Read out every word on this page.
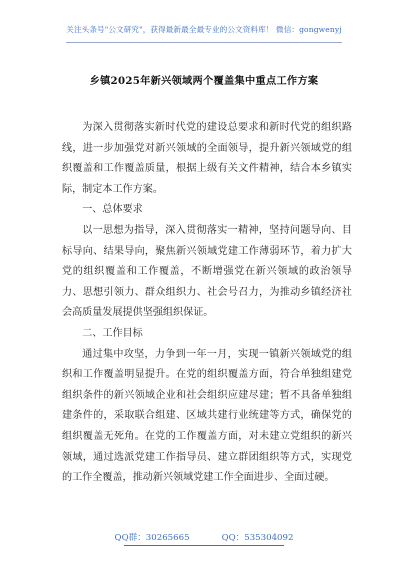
关注头条号"公文研究"，获得最新最全最专业的公文资料库！ 微信：gongwenyj
乡镇2025年新兴领域两个覆盖集中重点工作方案

为深入贯彻落实新时代党的建设总要求和新时代党的组织路线，进一步加强党对新兴领域的全面领导，提升新兴领域党的组织覆盖和工作覆盖质量，根据上级有关文件精神，结合本乡镇实际，制定本工作方案。

一、总体要求

以一思想为指导，深入贯彻落实一精神，坚持问题导向、目标导向、结果导向，聚焦新兴领域党建工作薄弱环节，着力扩大党的组织覆盖和工作覆盖，不断增强党在新兴领域的政治领导力、思想引领力、群众组织力、社会号召力，为推动乡镇经济社会高质量发展提供坚强组织保证。

二、工作目标

通过集中攻坚，力争到一年一月，实现一镇新兴领域党的组织和工作覆盖明显提升。在党的组织覆盖方面，符合单独组建党组织条件的新兴领域企业和社会组织应建尽建；暂不具备单独组建条件的，采取联合组建、区域共建行业统建等方式，确保党的组织覆盖无死角。在党的工作覆盖方面，对未建立党组织的新兴领域，通过选派党建工作指导员、建立群团组织等方式，实现党的工作全覆盖，推动新兴领域党建工作全面进步、全面过硬。

QQ群：30265665	QQ：535304092
